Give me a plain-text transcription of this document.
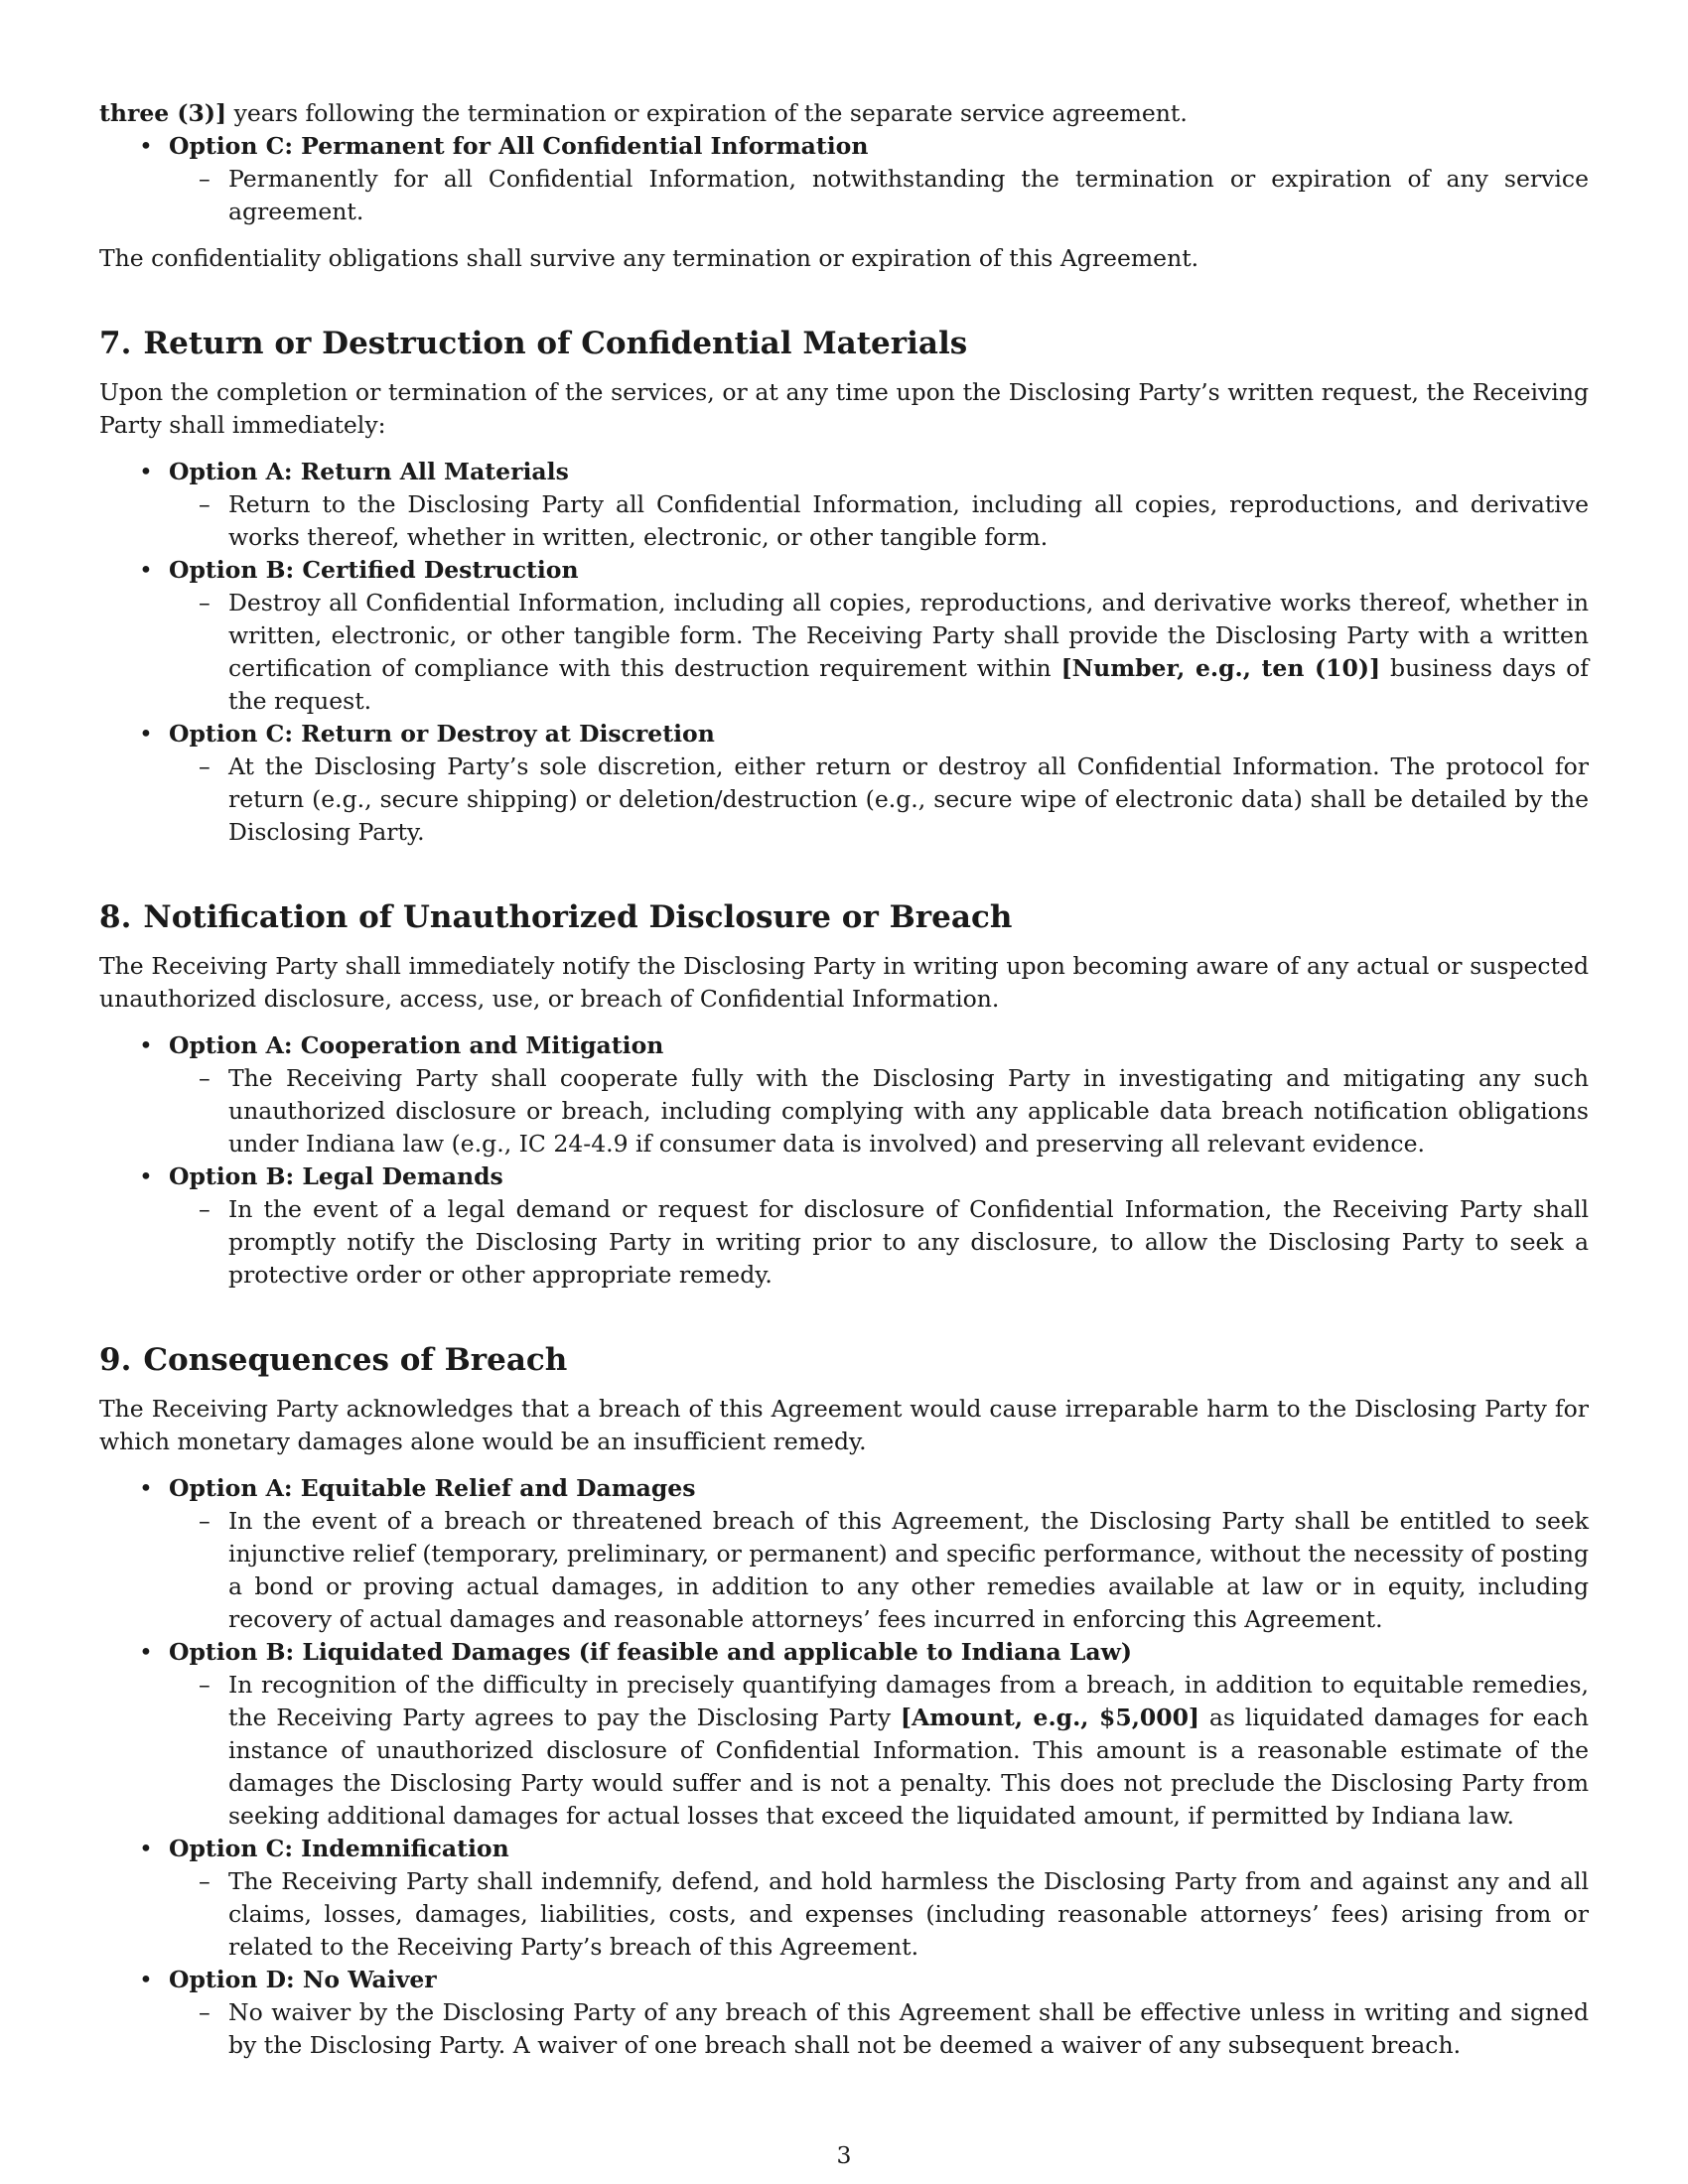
three (3)] years following the termination or expiration of the separate service agreement.

• Option C: Permanent for All Confidential Information
– Permanently for all Confidential Information, notwithstanding the termination or expiration of any service agreement.

The confidentiality obligations shall survive any termination or expiration of this Agreement.

7. Return or Destruction of Confidential Materials

Upon the completion or termination of the services, or at any time upon the Disclosing Party’s written request, the Receiving Party shall immediately:

• Option A: Return All Materials
– Return to the Disclosing Party all Confidential Information, including all copies, reproductions, and derivative works thereof, whether in written, electronic, or other tangible form.
• Option B: Certified Destruction
– Destroy all Confidential Information, including all copies, reproductions, and derivative works thereof, whether in written, electronic, or other tangible form. The Receiving Party shall provide the Disclosing Party with a written certification of compliance with this destruction requirement within [Number, e.g., ten (10)] business days of the request.
• Option C: Return or Destroy at Discretion
– At the Disclosing Party’s sole discretion, either return or destroy all Confidential Information. The protocol for return (e.g., secure shipping) or deletion/destruction (e.g., secure wipe of electronic data) shall be detailed by the Disclosing Party.
8. Notification of Unauthorized Disclosure or Breach

The Receiving Party shall immediately notify the Disclosing Party in writing upon becoming aware of any actual or suspected unauthorized disclosure, access, use, or breach of Confidential Information.

• Option A: Cooperation and Mitigation
– The Receiving Party shall cooperate fully with the Disclosing Party in investigating and mitigating any such unauthorized disclosure or breach, including complying with any applicable data breach notification obligations under Indiana law (e.g., IC 24-4.9 if consumer data is involved) and preserving all relevant evidence.
• Option B: Legal Demands
– In the event of a legal demand or request for disclosure of Confidential Information, the Receiving Party shall promptly notify the Disclosing Party in writing prior to any disclosure, to allow the Disclosing Party to seek a protective order or other appropriate remedy.
9. Consequences of Breach

The Receiving Party acknowledges that a breach of this Agreement would cause irreparable harm to the Disclosing Party for which monetary damages alone would be an insufficient remedy.

• Option A: Equitable Relief and Damages
– In the event of a breach or threatened breach of this Agreement, the Disclosing Party shall be entitled to seek injunctive relief (temporary, preliminary, or permanent) and specific performance, without the necessity of posting a bond or proving actual damages, in addition to any other remedies available at law or in equity, including recovery of actual damages and reasonable attorneys’ fees incurred in enforcing this Agreement.
• Option B: Liquidated Damages (if feasible and applicable to Indiana Law)
– In recognition of the difficulty in precisely quantifying damages from a breach, in addition to equitable remedies, the Receiving Party agrees to pay the Disclosing Party [Amount, e.g., $5,000] as liquidated damages for each instance of unauthorized disclosure of Confidential Information. This amount is a reasonable estimate of the damages the Disclosing Party would suffer and is not a penalty. This does not preclude the Disclosing Party from seeking additional damages for actual losses that exceed the liquidated amount, if permitted by Indiana law.
• Option C: Indemnification
– The Receiving Party shall indemnify, defend, and hold harmless the Disclosing Party from and against any and all claims, losses, damages, liabilities, costs, and expenses (including reasonable attorneys’ fees) arising from or related to the Receiving Party’s breach of this Agreement.
• Option D: No Waiver
– No waiver by the Disclosing Party of any breach of this Agreement shall be effective unless in writing and signed by the Disclosing Party. A waiver of one breach shall not be deemed a waiver of any subsequent breach.
3
